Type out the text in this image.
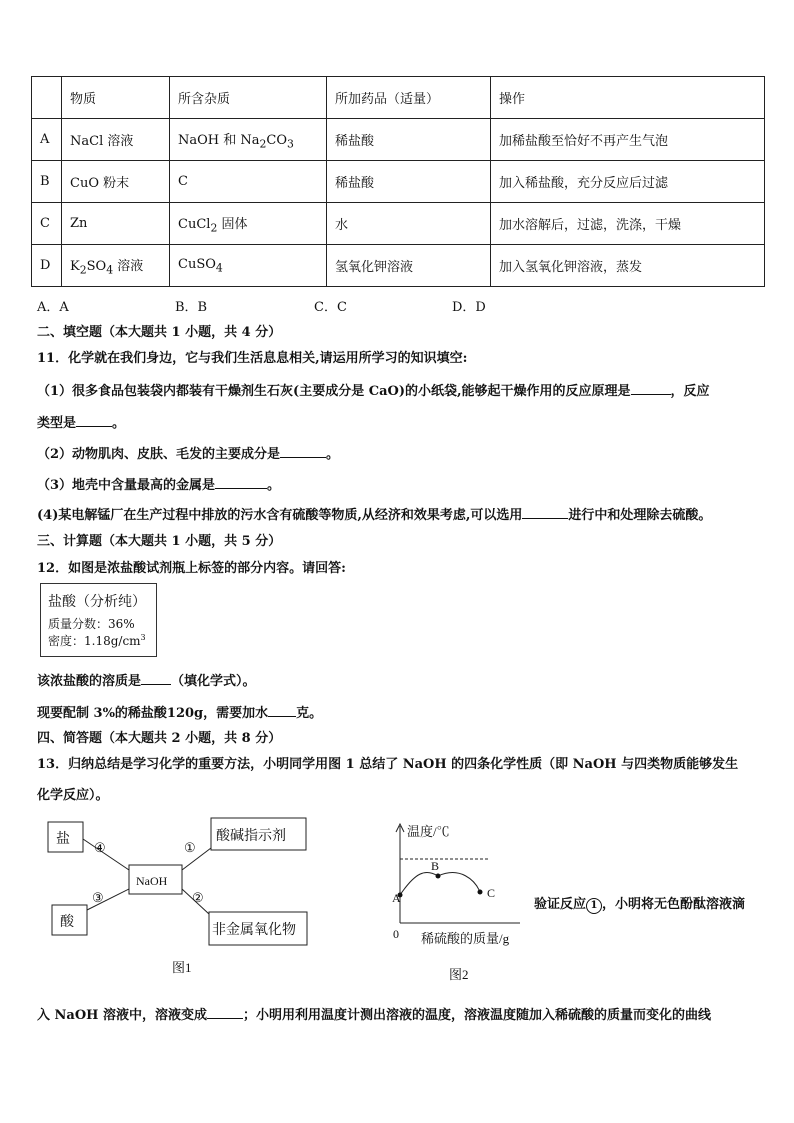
	物质	所含杂质	所加药品（适量）	操作
A	NaCl 溶液	NaOH 和 $Na_2CO_3$	稀盐酸	加稀盐酸至恰好不再产生气泡
B	CuO 粉末	C	稀盐酸	加入稀盐酸，充分反应后过滤
C	Zn	CuCl$_2$ 固体	水	加水溶解后，过滤，洗涤，干燥
D	$K_2SO_4$ 溶液	CuSO$_4$	氢氧化钾溶液	加入氢氧化钾溶液，蒸发
A．A	B．B	C．C	D．D
二、填空题（本大题共 1 小题，共 4 分）
11．化学就在我们身边，它与我们生活息息相关,请运用所学习的知识填空:
（1）很多食品包装袋内都装有干燥剂生石灰(主要成分是 CaO)的小纸袋,能够起干燥作用的反应原理是	，反应
类型是	。
（2）动物肌肉、皮肤、毛发的主要成分是	。
（3）地壳中含量最高的金属是	。
(4)某电解锰厂在生产过程中排放的污水含有硫酸等物质,从经济和效果考虑,可以选用	进行中和处理除去硫酸。
三、计算题（本大题共 1 小题，共 5 分）
12．如图是浓盐酸试剂瓶上标签的部分内容。请回答:
盐酸（分析纯）
质量分数：36%
密度：$1.18g/cm^3$
该浓盐酸的溶质是 （填化学式）。
现要配制 3%的稀盐酸120g，需要加水 克。
四、简答题（本大题共 2 小题，共 8 分）
13．归纳总结是学习化学的重要方法，小明同学用图 1 总结了 NaOH 的四条化学性质（即 NaOH 与四类物质能够发生
化学反应）。
盐	酸碱指示剂
NaOH
酸
非金属氧化物
④	①
③	②
图1
温度/℃
A
B
C
0 稀硫酸的质量/g
图2
验证反应 1 ，小明将无色酚酞溶液滴
入 NaOH 溶液中，溶液变成	；小明用利用温度计测出溶液的温度，溶液温度随加入稀硫酸的质量而变化的曲线
